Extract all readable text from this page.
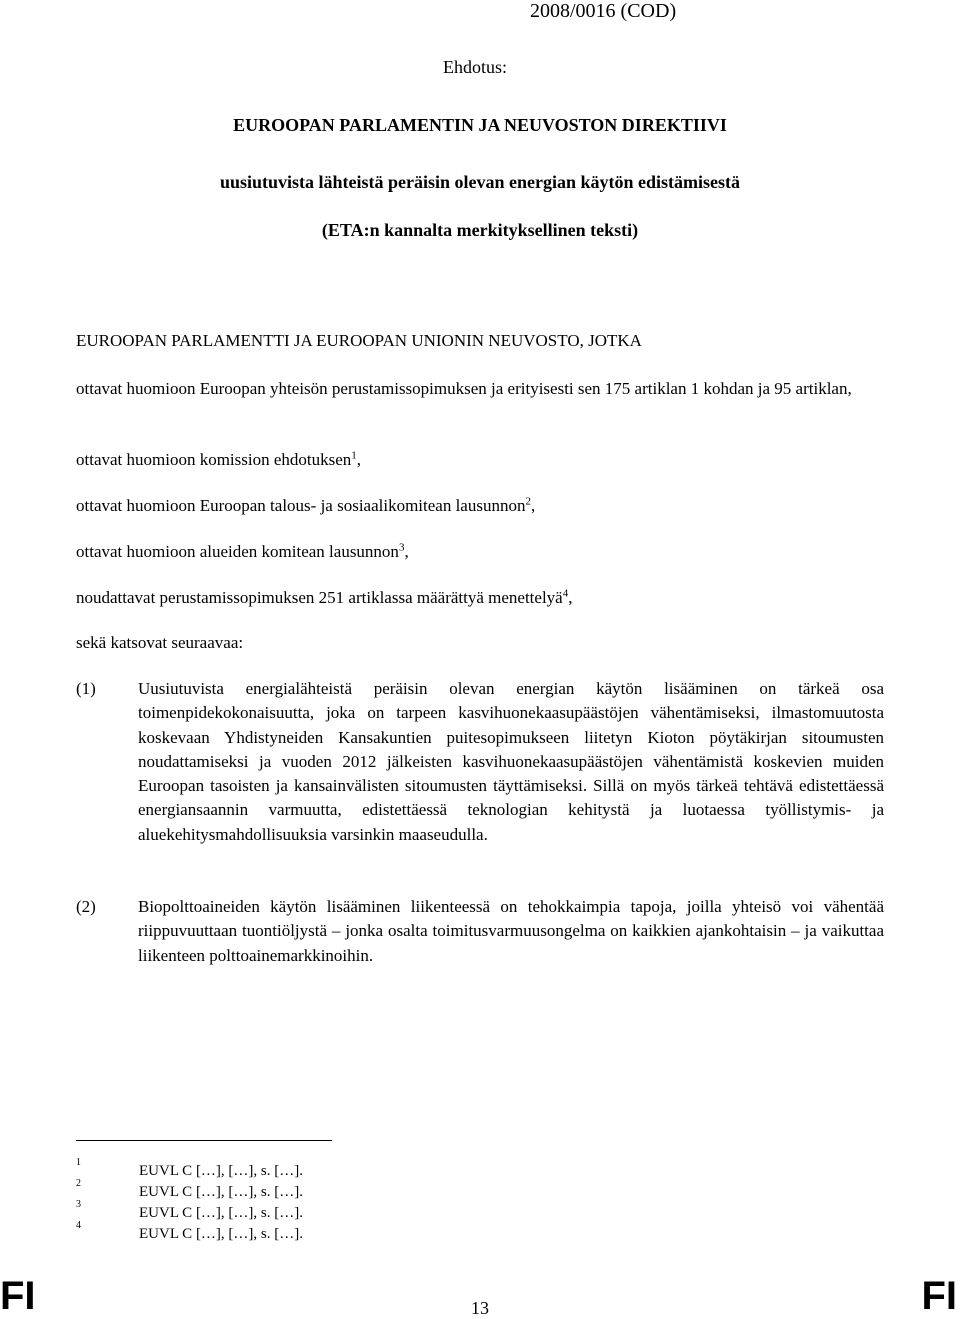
2008/0016 (COD)
Ehdotus:
EUROOPAN PARLAMENTIN JA NEUVOSTON DIREKTIIVI
uusiutuvista lähteistä peräisin olevan energian käytön edistämisestä
(ETA:n kannalta merkityksellinen teksti)
EUROOPAN PARLAMENTTI JA EUROOPAN UNIONIN NEUVOSTO, JOTKA
ottavat huomioon Euroopan yhteisön perustamissopimuksen ja erityisesti sen 175 artiklan 1 kohdan ja 95 artiklan,
ottavat huomioon komission ehdotuksen$^1$,
ottavat huomioon Euroopan talous- ja sosiaalikomitean lausunnon$^2$,
ottavat huomioon alueiden komitean lausunnon$^3$,
noudattavat perustamissopimuksen 251 artiklassa määrättyä menettelyä$^4$,
sekä katsovat seuraavaa:
(1) Uusiutuvista energialähteistä peräisin olevan energian käytön lisääminen on tärkeä osa toimenpidekokonaisuutta, joka on tarpeen kasvihuonekaasupäästöjen vähentämiseksi, ilmastomuutosta koskevaan Yhdistyneiden Kansakuntien puitesopimukseen liitetyn Kioton pöytäkirjan sitoumusten noudattamiseksi ja vuoden 2012 jälkeisten kasvihuonekaasupäästöjen vähentämistä koskevien muiden Euroopan tasoisten ja kansainvälisten sitoumusten täyttämiseksi. Sillä on myös tärkeä tehtävä edistettäessä energiansaannin varmuutta, edistettäessä teknologian kehitystä ja luotaessa työllistymis- ja aluekehitysmahdollisuuksia varsinkin maaseudulla.
(2) Biopolttoaineiden käytön lisääminen liikenteessä on tehokkaimpia tapoja, joilla yhteisö voi vähentää riippuvuuttaan tuontiöljystä – jonka osalta toimitusvarmuusongelma on kaikkien ajankohtaisin – ja vaikuttaa liikenteen polttoainemarkkinoihin.
1
EUVL C […], […], s. […].
2
EUVL C […], […], s. […].
3
EUVL C […], […], s. […].
4
EUVL C […], […], s. […].
FI	13	FI
